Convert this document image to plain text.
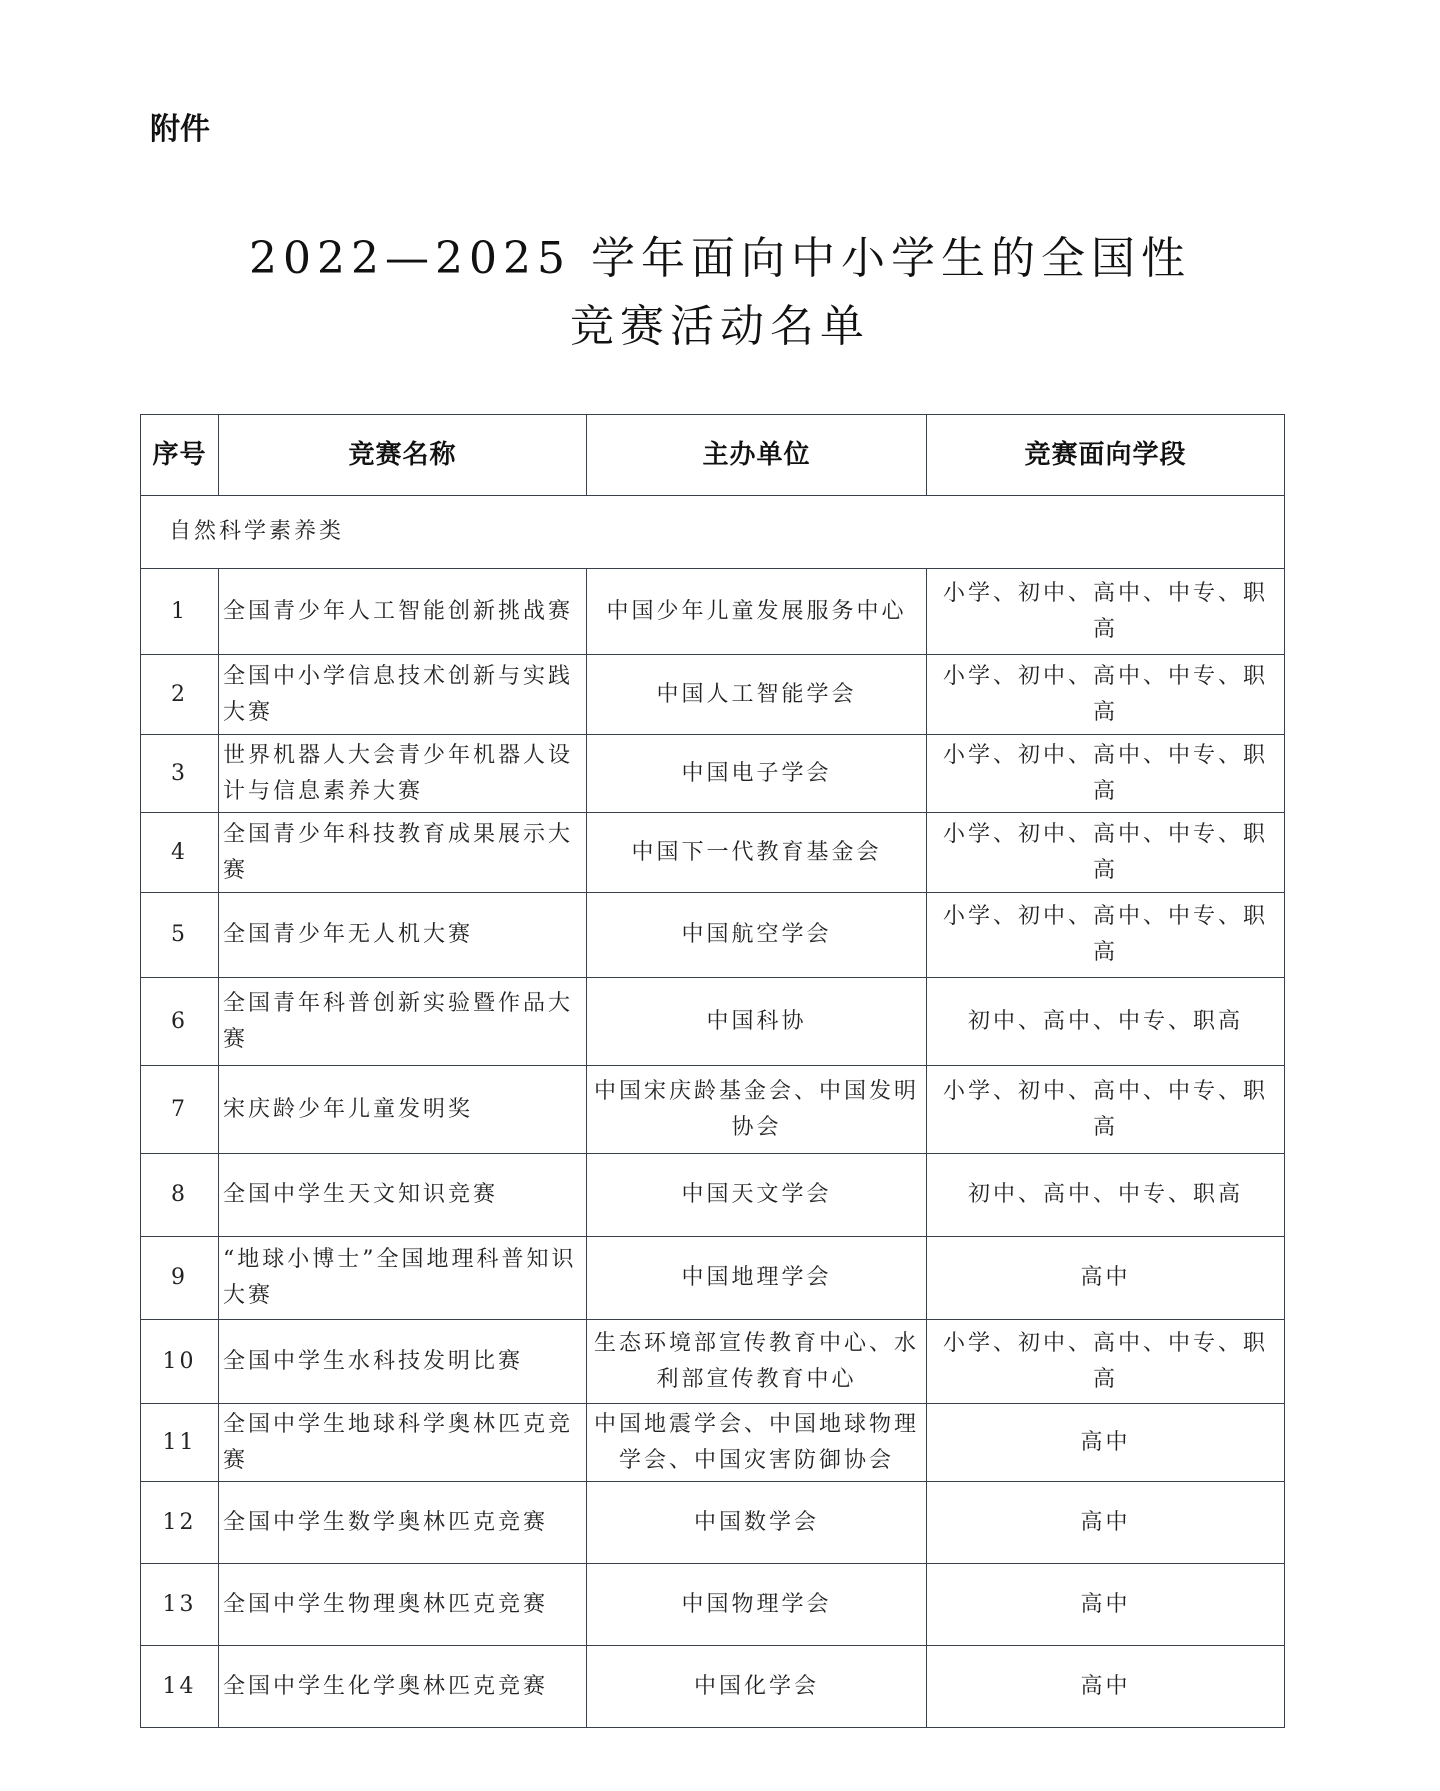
附件
2022—2025 学年面向中小学生的全国性
竞赛活动名单
序号	竞赛名称	主办单位	竞赛面向学段
自然科学素养类			
1	全国青少年人工智能创新挑战赛	中国少年儿童发展服务中心	小学、初中、高中、中专、职高
2	全国中小学信息技术创新与实践大赛	中国人工智能学会	小学、初中、高中、中专、职高
3	世界机器人大会青少年机器人设计与信息素养大赛	中国电子学会	小学、初中、高中、中专、职高
4	全国青少年科技教育成果展示大赛	中国下一代教育基金会	小学、初中、高中、中专、职高
5	全国青少年无人机大赛	中国航空学会	小学、初中、高中、中专、职高
6	全国青年科普创新实验暨作品大赛	中国科协	初中、高中、中专、职高
7	宋庆龄少年儿童发明奖	中国宋庆龄基金会、中国发明协会	小学、初中、高中、中专、职高
8	全国中学生天文知识竞赛	中国天文学会	初中、高中、中专、职高
9	“地球小博士”全国地理科普知识大赛	中国地理学会	高中
10	全国中学生水科技发明比赛	生态环境部宣传教育中心、水利部宣传教育中心	小学、初中、高中、中专、职高
11	全国中学生地球科学奥林匹克竞赛	中国地震学会、中国地球物理学会、中国灾害防御协会	高中
12	全国中学生数学奥林匹克竞赛	中国数学会	高中
13	全国中学生物理奥林匹克竞赛	中国物理学会	高中
14	全国中学生化学奥林匹克竞赛	中国化学会	高中
